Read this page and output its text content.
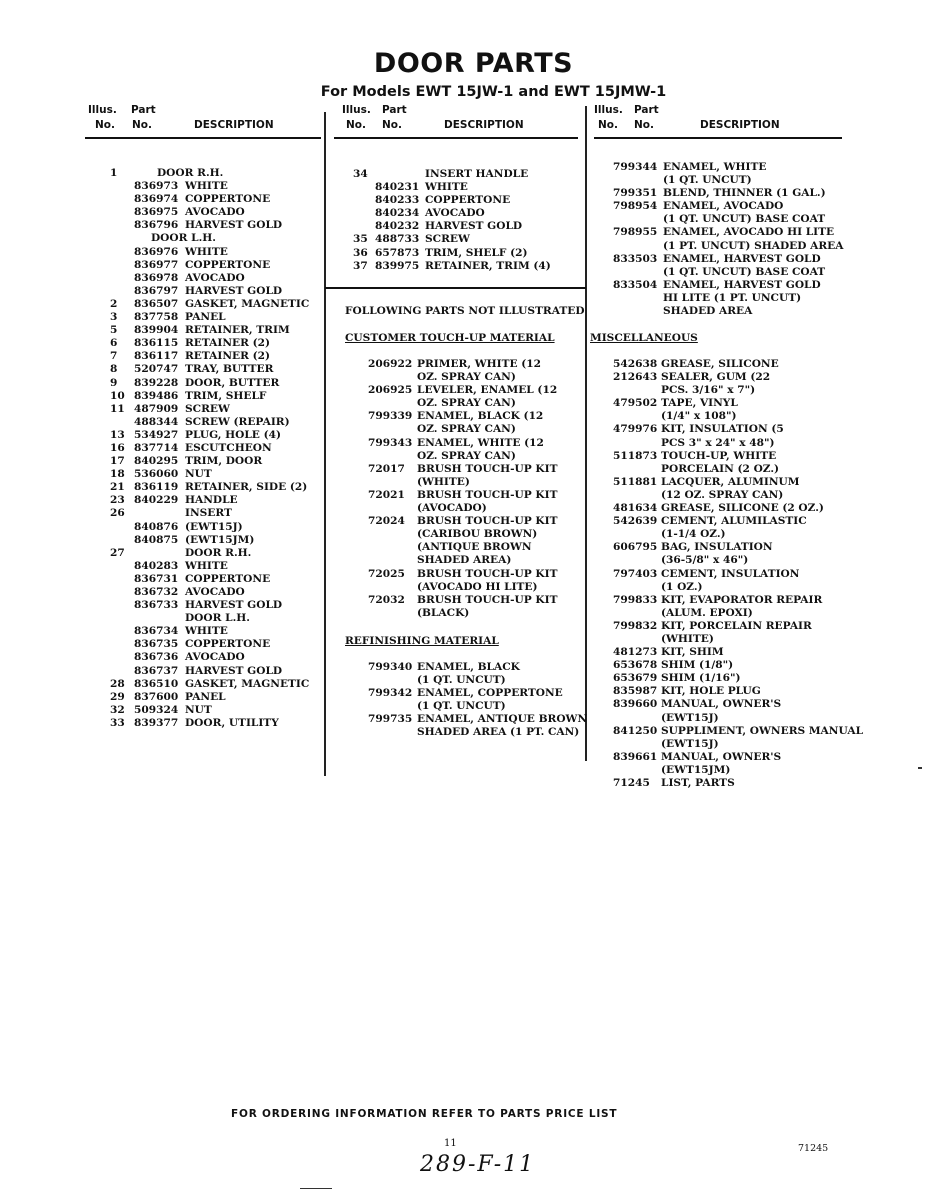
DOOR PARTS
For Models EWT 15JW-1 and EWT 15JMW-1
Illus. Part
No. No.	DESCRIPTION
Illus. Part
No. No.	DESCRIPTION
Illus. Part
No. No.	DESCRIPTION
1	DOOR R.H.
836973 WHITE
836974 COPPERTONE
836975 AVOCADO
836796 HARVEST GOLD
DOOR L.H.
836976 WHITE
836977 COPPERTONE
836978 AVOCADO
836797 HARVEST GOLD
2	836507 GASKET, MAGNETIC
3	837758 PANEL
5	839904 RETAINER, TRIM
6	836115 RETAINER (2)
7	836117 RETAINER (2)
8	520747 TRAY, BUTTER
9	839228 DOOR, BUTTER
10 839486 TRIM, SHELF
11 487909 SCREW
488344 SCREW (REPAIR)
13 534927 PLUG, HOLE (4)
16 837714 ESCUTCHEON
17 840295 TRIM, DOOR
18 536060 NUT
21 836119 RETAINER, SIDE (2)
23 840229 HANDLE
26	INSERT
840876 (EWT15J)
840875 (EWT15JM)
27	DOOR R.H.
840283 WHITE
836731 COPPERTONE
836732 AVOCADO
836733 HARVEST GOLD
DOOR L.H.
836734 WHITE
836735 COPPERTONE
836736 AVOCADO
836737 HARVEST GOLD
28 836510 GASKET, MAGNETIC
29 837600 PANEL
32 509324 NUT
33 839377 DOOR, UTILITY
34	INSERT HANDLE
840231 WHITE
840233 COPPERTONE
840234 AVOCADO
840232 HARVEST GOLD
35 488733 SCREW
36 657873 TRIM, SHELF (2)
37 839975 RETAINER, TRIM (4)
FOLLOWING PARTS NOT ILLUSTRATED
CUSTOMER TOUCH-UP MATERIAL
206922 PRIMER, WHITE (12
OZ. SPRAY CAN)
206925 LEVELER, ENAMEL (12
OZ. SPRAY CAN)
799339 ENAMEL, BLACK (12
OZ. SPRAY CAN)
799343 ENAMEL, WHITE (12
OZ. SPRAY CAN)
72017 BRUSH TOUCH-UP KIT
(WHITE)
72021 BRUSH TOUCH-UP KIT
(AVOCADO)
72024 BRUSH TOUCH-UP KIT
(CARIBOU BROWN)
(ANTIQUE BROWN
SHADED AREA)
72025 BRUSH TOUCH-UP KIT
(AVOCADO HI LITE)
72032 BRUSH TOUCH-UP KIT
(BLACK)
REFINISHING MATERIAL
799340 ENAMEL, BLACK
(1 QT. UNCUT)
799342 ENAMEL, COPPERTONE
(1 QT. UNCUT)
799735 ENAMEL, ANTIQUE BROWN
SHADED AREA (1 PT. CAN)
799344 ENAMEL, WHITE
(1 QT. UNCUT)
799351 BLEND, THINNER (1 GAL.)
798954 ENAMEL, AVOCADO
(1 QT. UNCUT) BASE COAT
798955 ENAMEL, AVOCADO HI LITE
(1 PT. UNCUT) SHADED AREA
833503 ENAMEL, HARVEST GOLD
(1 QT. UNCUT) BASE COAT
833504 ENAMEL, HARVEST GOLD
HI LITE (1 PT. UNCUT)
SHADED AREA
MISCELLANEOUS
542638 GREASE, SILICONE
212643 SEALER, GUM (22
PCS. 3/16" x 7")
479502 TAPE, VINYL
(1/4" x 108")
479976 KIT, INSULATION (5
PCS 3" x 24" x 48")
511873 TOUCH-UP, WHITE
PORCELAIN (2 OZ.)
511881 LACQUER, ALUMINUM
(12 OZ. SPRAY CAN)
481634 GREASE, SILICONE (2 OZ.)
542639 CEMENT, ALUMILASTIC
(1-1/4 OZ.)
606795 BAG, INSULATION
(36-5/8" x 46")
797403 CEMENT, INSULATION
(1 OZ.)
799833 KIT, EVAPORATOR REPAIR
(ALUM. EPOXI)
799832 KIT, PORCELAIN REPAIR
(WHITE)
481273 KIT, SHIM
653678 SHIM (1/8")
653679 SHIM (1/16")
835987 KIT, HOLE PLUG
839660 MANUAL, OWNER'S
(EWT15J)
841250 SUPPLIMENT, OWNERS MANUAL
(EWT15J)
839661 MANUAL, OWNER'S
(EWT15JM)
71245 LIST, PARTS
FOR ORDERING INFORMATION REFER TO PARTS PRICE LIST
11	71245
289-F-11
